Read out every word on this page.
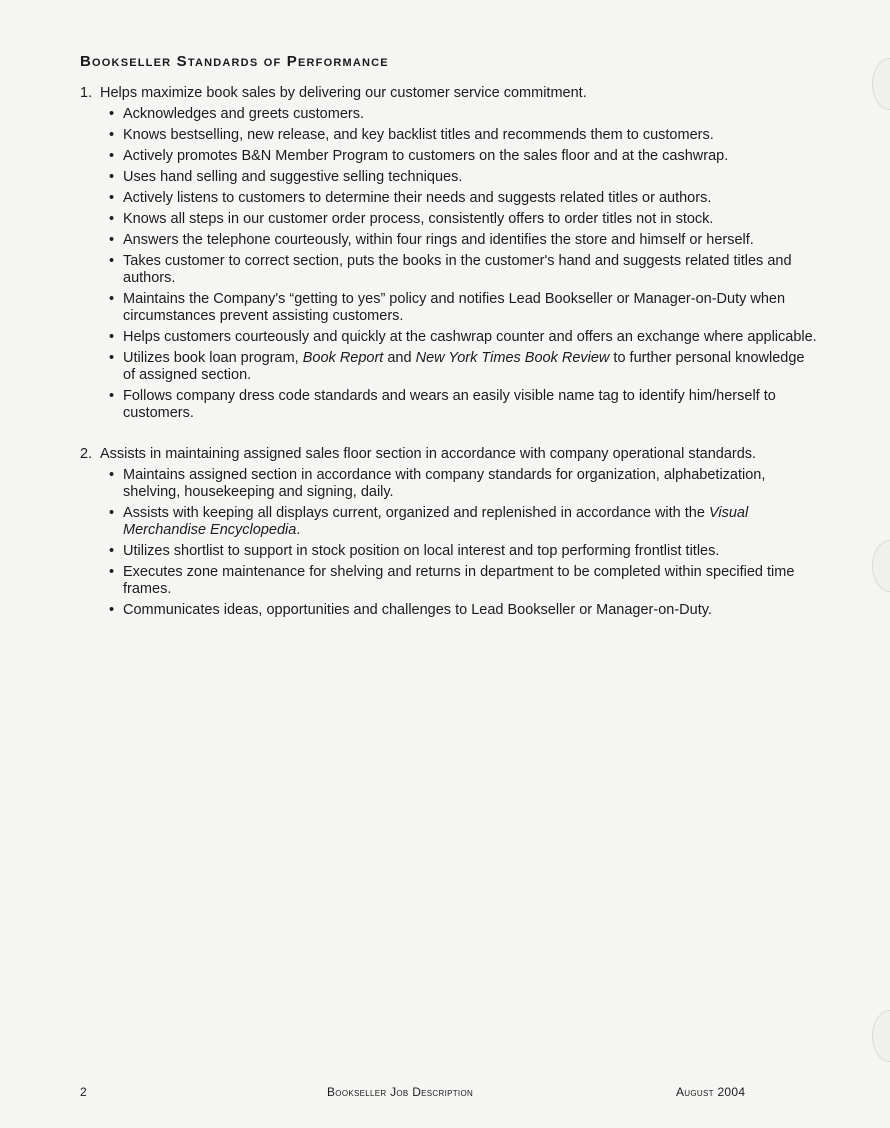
Bookseller Standards of Performance
1. Helps maximize book sales by delivering our customer service commitment.
• Acknowledges and greets customers.
• Knows bestselling, new release, and key backlist titles and recommends them to customers.
• Actively promotes B&N Member Program to customers on the sales floor and at the cashwrap.
• Uses hand selling and suggestive selling techniques.
• Actively listens to customers to determine their needs and suggests related titles or authors.
• Knows all steps in our customer order process, consistently offers to order titles not in stock.
• Answers the telephone courteously, within four rings and identifies the store and himself or herself.
• Takes customer to correct section, puts the books in the customer's hand and suggests related titles and authors.
• Maintains the Company's “getting to yes” policy and notifies Lead Bookseller or Manager-on-Duty when circumstances prevent assisting customers.
• Helps customers courteously and quickly at the cashwrap counter and offers an exchange where applicable.
• Utilizes book loan program, Book Report and New York Times Book Review to further personal knowledge of assigned section.
• Follows company dress code standards and wears an easily visible name tag to identify him/herself to customers.
2. Assists in maintaining assigned sales floor section in accordance with company operational standards.
• Maintains assigned section in accordance with company standards for organization, alphabetization, shelving, housekeeping and signing, daily.
• Assists with keeping all displays current, organized and replenished in accordance with the Visual Merchandise Encyclopedia.
• Utilizes shortlist to support in stock position on local interest and top performing frontlist titles.
• Executes zone maintenance for shelving and returns in department to be completed within specified time frames.
• Communicates ideas, opportunities and challenges to Lead Bookseller or Manager-on-Duty.
2	Bookseller Job Description	August 2004
